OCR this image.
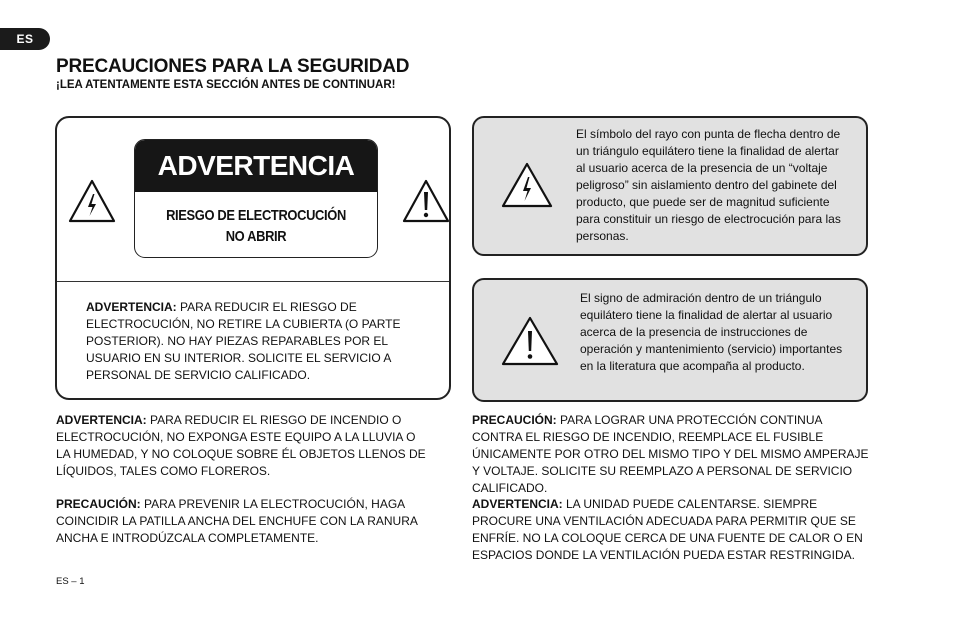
ES
PRECAUCIONES PARA LA SEGURIDAD

¡LEA ATENTAMENTE ESTA SECCIÓN ANTES DE CONTINUAR!

ADVERTENCIA
RIESGO DE ELECTROCUCIÓN
NO ABRIR

ADVERTENCIA: PARA REDUCIR EL RIESGO DE ELECTROCUCIÓN, NO RETIRE LA CUBIERTA (O PARTE POSTERIOR). NO HAY PIEZAS REPARABLES POR EL USUARIO EN SU INTERIOR. SOLICITE EL SERVICIO A PERSONAL DE SERVICIO CALIFICADO.

El símbolo del rayo con punta de flecha dentro de un triángulo equilátero tiene la finalidad de alertar al usuario acerca de la presencia de un “voltaje peligroso” sin aislamiento dentro del gabinete del producto, que puede ser de magnitud suficiente para constituir un riesgo de electrocución para las personas.

El signo de admiración dentro de un triángulo equilátero tiene la finalidad de alertar al usuario acerca de la presencia de instrucciones de operación y mantenimiento (servicio) importantes en la literatura que acompaña al producto.

ADVERTENCIA: PARA REDUCIR EL RIESGO DE INCENDIO O ELECTROCUCIÓN, NO EXPONGA ESTE EQUIPO A LA LLUVIA O LA HUMEDAD, Y NO COLOQUE SOBRE ÉL OBJETOS LLENOS DE LÍQUIDOS, TALES COMO FLOREROS.

PRECAUCIÓN: PARA PREVENIR LA ELECTROCUCIÓN, HAGA COINCIDIR LA PATILLA ANCHA DEL ENCHUFE CON LA RANURA ANCHA E INTRODÚZCALA COMPLETAMENTE.

PRECAUCIÓN: PARA LOGRAR UNA PROTECCIÓN CONTINUA CONTRA EL RIESGO DE INCENDIO, REEMPLACE EL FUSIBLE ÚNICAMENTE POR OTRO DEL MISMO TIPO Y DEL MISMO AMPERAJE Y VOLTAJE. SOLICITE SU REEMPLAZO A PERSONAL DE SERVICIO CALIFICADO.

ADVERTENCIA: LA UNIDAD PUEDE CALENTARSE. SIEMPRE PROCURE UNA VENTILACIÓN ADECUADA PARA PERMITIR QUE SE ENFRÍE. NO LA COLOQUE CERCA DE UNA FUENTE DE CALOR O EN ESPACIOS DONDE LA VENTILACIÓN PUEDA ESTAR RESTRINGIDA.

ES – 1
